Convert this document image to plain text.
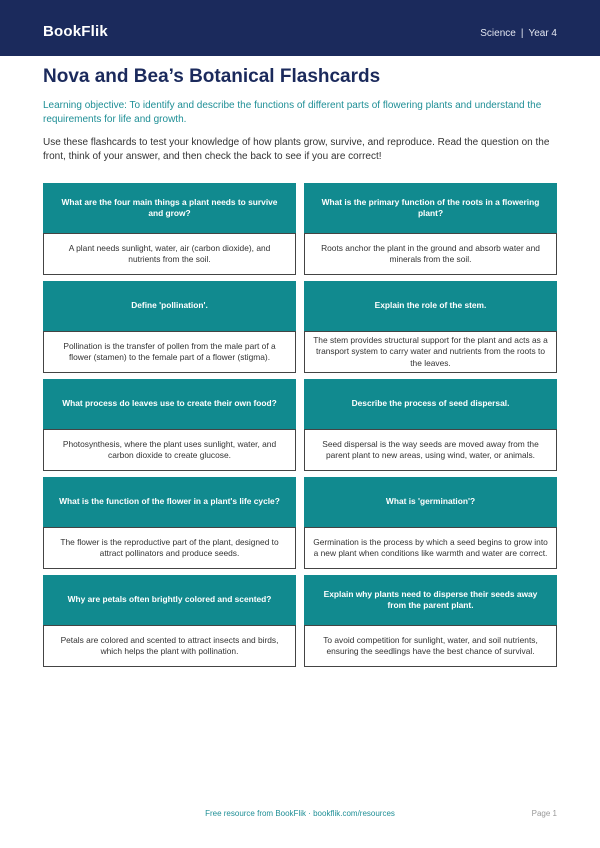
BookFlik	Science | Year 4
Nova and Bea’s Botanical Flashcards
Learning objective: To identify and describe the functions of different parts of flowering plants and understand the requirements for life and growth.
Use these flashcards to test your knowledge of how plants grow, survive, and reproduce. Read the question on the front, think of your answer, and then check the back to see if you are correct!
What are the four main things a plant needs to survive and grow?
A plant needs sunlight, water, air (carbon dioxide), and nutrients from the soil.
What is the primary function of the roots in a flowering plant?
Roots anchor the plant in the ground and absorb water and minerals from the soil.
Define 'pollination'.
Pollination is the transfer of pollen from the male part of a flower (stamen) to the female part of a flower (stigma).
Explain the role of the stem.
The stem provides structural support for the plant and acts as a transport system to carry water and nutrients from the roots to the leaves.
What process do leaves use to create their own food?
Photosynthesis, where the plant uses sunlight, water, and carbon dioxide to create glucose.
Describe the process of seed dispersal.
Seed dispersal is the way seeds are moved away from the parent plant to new areas, using wind, water, or animals.
What is the function of the flower in a plant's life cycle?
The flower is the reproductive part of the plant, designed to attract pollinators and produce seeds.
What is 'germination'?
Germination is the process by which a seed begins to grow into a new plant when conditions like warmth and water are correct.
Why are petals often brightly colored and scented?
Petals are colored and scented to attract insects and birds, which helps the plant with pollination.
Explain why plants need to disperse their seeds away from the parent plant.
To avoid competition for sunlight, water, and soil nutrients, ensuring the seedlings have the best chance of survival.
Free resource from BookFlik · bookflik.com/resources	Page 1
